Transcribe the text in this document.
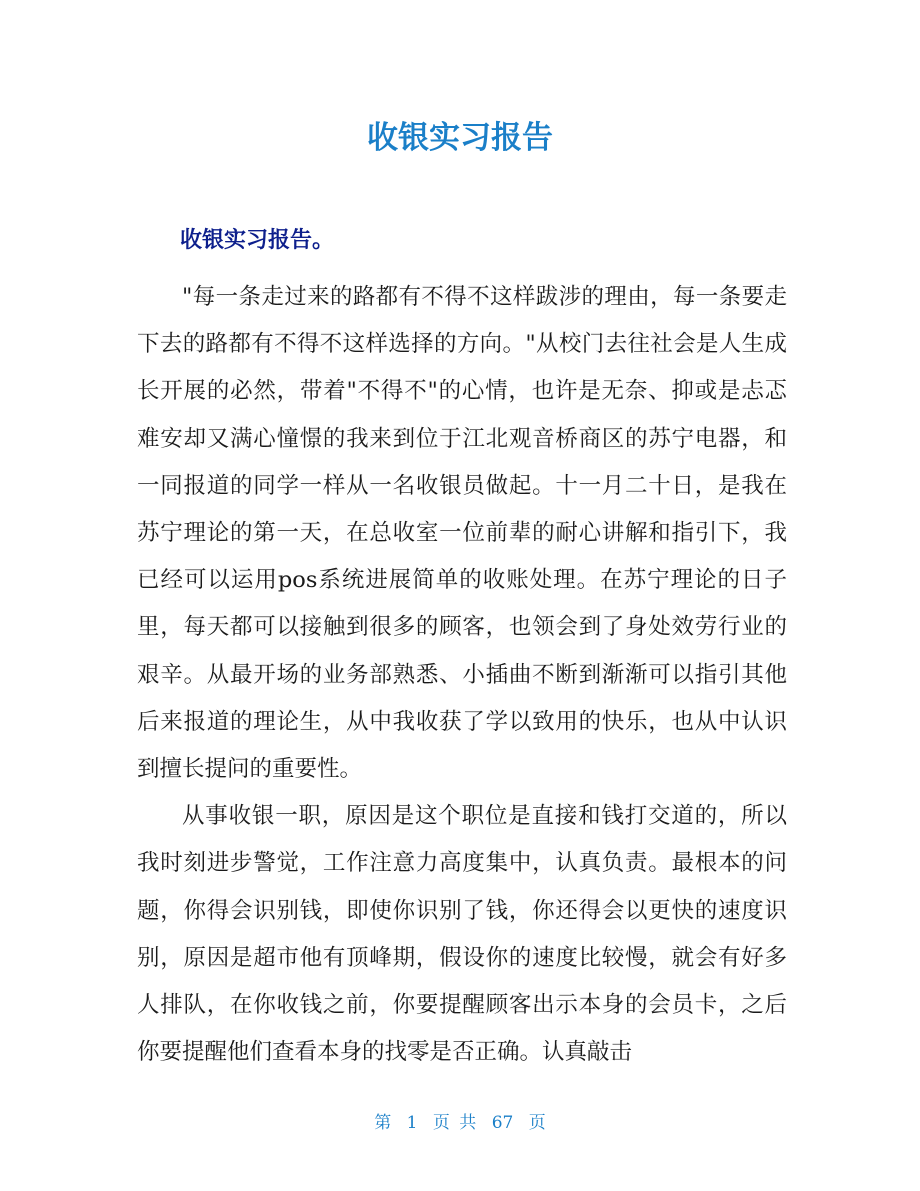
收银实习报告
收银实习报告。

"每一条走过来的路都有不得不这样跋涉的理由，每一条要走下去的路都有不得不这样选择的方向。"从校门去往社会是人生成长开展的必然，带着"不得不"的心情，也许是无奈、抑或是忐忑难安却又满心憧憬的我来到位于江北观音桥商区的苏宁电器，和一同报道的同学一样从一名收银员做起。十一月二十日，是我在苏宁理论的第一天，在总收室一位前辈的耐心讲解和指引下，我已经可以运用pos系统进展简单的收账处理。在苏宁理论的日子里，每天都可以接触到很多的顾客，也领会到了身处效劳行业的艰辛。从最开场的业务部熟悉、小插曲不断到渐渐可以指引其他后来报道的理论生，从中我收获了学以致用的快乐，也从中认识到擅长提问的重要性。

从事收银一职，原因是这个职位是直接和钱打交道的，所以我时刻进步警觉，工作注意力高度集中，认真负责。最根本的问题，你得会识别钱，即使你识别了钱，你还得会以更快的速度识别，原因是超市他有顶峰期，假设你的速度比较慢，就会有好多人排队，在你收钱之前，你要提醒顾客出示本身的会员卡，之后你要提醒他们查看本身的找零是否正确。认真敲击

第 1 页 共 67 页
